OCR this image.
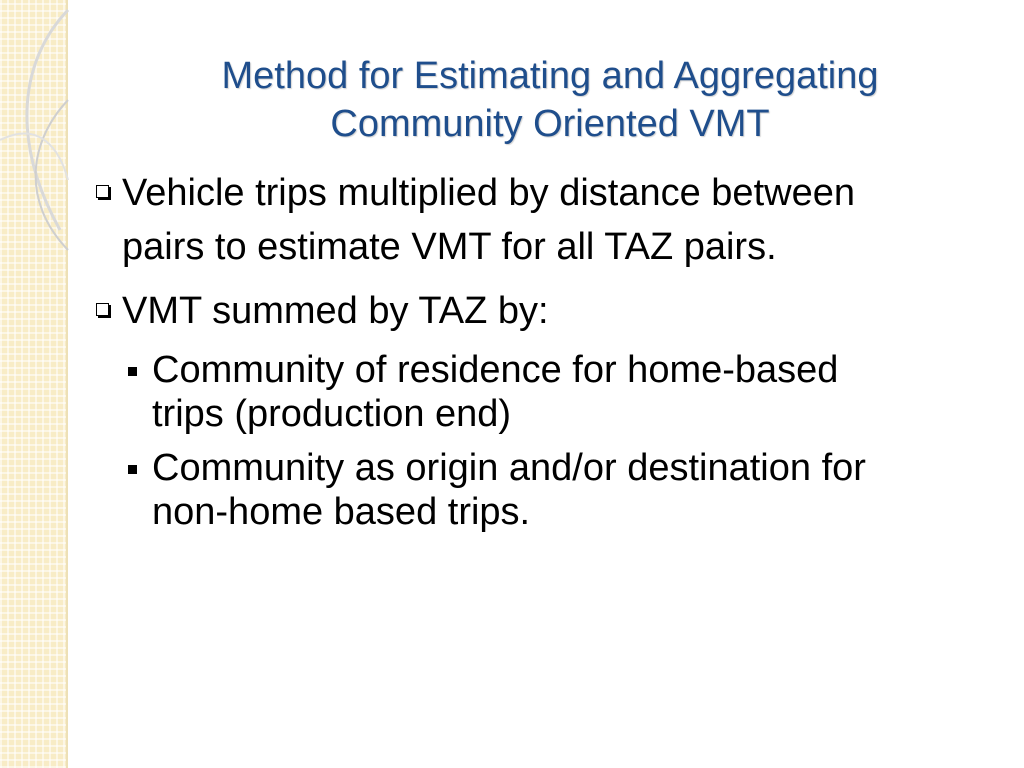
Method for Estimating and Aggregating
Community Oriented VMT
Vehicle trips multiplied by distance between pairs to estimate VMT for all TAZ pairs.
VMT summed by TAZ by:
Community of residence for home-based trips (production end)
Community as origin and/or destination for non-home based trips.
